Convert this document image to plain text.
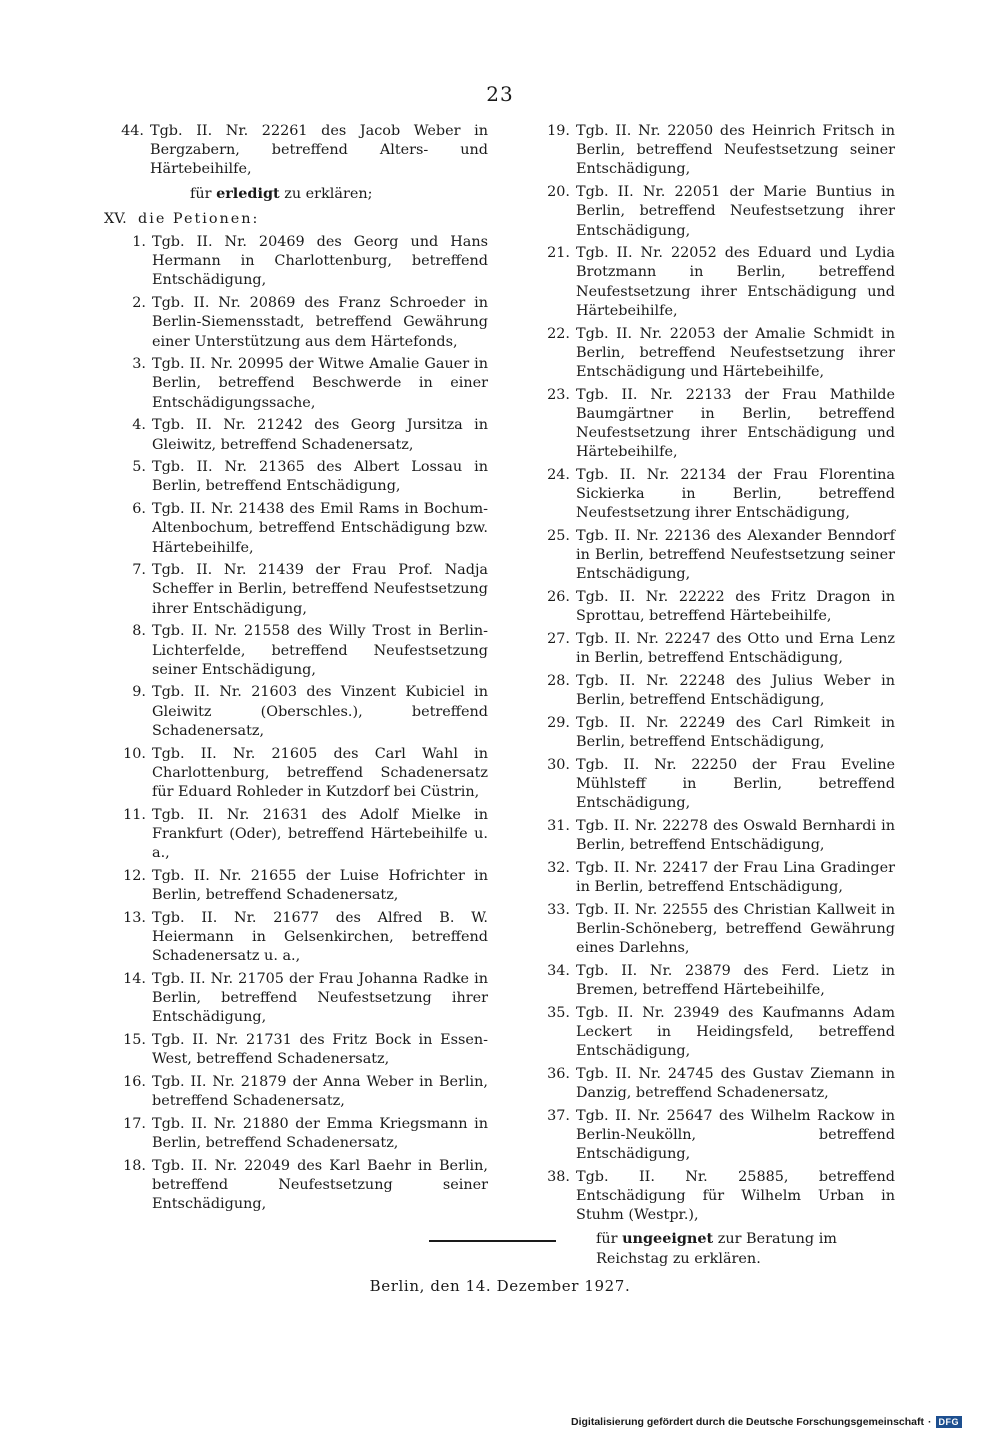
23
44. Tgb. II. Nr. 22261 des Jacob Weber in Bergzabern, betreffend Alters- und Härtebeihilfe,
für erledigt zu erklären;
XV. die Petionen:
1. Tgb. II. Nr. 20469 des Georg und Hans Hermann in Charlottenburg, betreffend Entschädigung,
2. Tgb. II. Nr. 20869 des Franz Schroeder in Berlin-Siemensstadt, betreffend Gewährung einer Unterstützung aus dem Härtefonds,
3. Tgb. II. Nr. 20995 der Witwe Amalie Gauer in Berlin, betreffend Beschwerde in einer Entschädigungssache,
4. Tgb. II. Nr. 21242 des Georg Jursitza in Gleiwitz, betreffend Schadenersatz,
5. Tgb. II. Nr. 21365 des Albert Lossau in Berlin, betreffend Entschädigung,
6. Tgb. II. Nr. 21438 des Emil Rams in Bochum-Altenbochum, betreffend Entschädigung bzw. Härtebeihilfe,
7. Tgb. II. Nr. 21439 der Frau Prof. Nadja Scheffer in Berlin, betreffend Neufestsetzung ihrer Entschädigung,
8. Tgb. II. Nr. 21558 des Willy Trost in Berlin-Lichterfelde, betreffend Neufestsetzung seiner Entschädigung,
9. Tgb. II. Nr. 21603 des Vinzent Kubiciel in Gleiwitz (Oberschles.), betreffend Schadenersatz,
10. Tgb. II. Nr. 21605 des Carl Wahl in Charlottenburg, betreffend Schadenersatz für Eduard Rohleder in Kutzdorf bei Cüstrin,
11. Tgb. II. Nr. 21631 des Adolf Mielke in Frankfurt (Oder), betreffend Härtebeihilfe u. a.,
12. Tgb. II. Nr. 21655 der Luise Hofrichter in Berlin, betreffend Schadenersatz,
13. Tgb. II. Nr. 21677 des Alfred B. W. Heiermann in Gelsenkirchen, betreffend Schadenersatz u. a.,
14. Tgb. II. Nr. 21705 der Frau Johanna Radke in Berlin, betreffend Neufestsetzung ihrer Entschädigung,
15. Tgb. II. Nr. 21731 des Fritz Bock in Essen-West, betreffend Schadenersatz,
16. Tgb. II. Nr. 21879 der Anna Weber in Berlin, betreffend Schadenersatz,
17. Tgb. II. Nr. 21880 der Emma Kriegsmann in Berlin, betreffend Schadenersatz,
18. Tgb. II. Nr. 22049 des Karl Baehr in Berlin, betreffend Neufestsetzung seiner Entschädigung,
19. Tgb. II. Nr. 22050 des Heinrich Fritsch in Berlin, betreffend Neufestsetzung seiner Entschädigung,
20. Tgb. II. Nr. 22051 der Marie Buntius in Berlin, betreffend Neufestsetzung ihrer Entschädigung,
21. Tgb. II. Nr. 22052 des Eduard und Lydia Brotzmann in Berlin, betreffend Neufestsetzung ihrer Entschädigung und Härtebeihilfe,
22. Tgb. II. Nr. 22053 der Amalie Schmidt in Berlin, betreffend Neufestsetzung ihrer Entschädigung und Härtebeihilfe,
23. Tgb. II. Nr. 22133 der Frau Mathilde Baumgärtner in Berlin, betreffend Neufestsetzung ihrer Entschädigung und Härtebeihilfe,
24. Tgb. II. Nr. 22134 der Frau Florentina Sickierka in Berlin, betreffend Neufestsetzung ihrer Entschädigung,
25. Tgb. II. Nr. 22136 des Alexander Benndorf in Berlin, betreffend Neufestsetzung seiner Entschädigung,
26. Tgb. II. Nr. 22222 des Fritz Dragon in Sprottau, betreffend Härtebeihilfe,
27. Tgb. II. Nr. 22247 des Otto und Erna Lenz in Berlin, betreffend Entschädigung,
28. Tgb. II. Nr. 22248 des Julius Weber in Berlin, betreffend Entschädigung,
29. Tgb. II. Nr. 22249 des Carl Rimkeit in Berlin, betreffend Entschädigung,
30. Tgb. II. Nr. 22250 der Frau Eveline Mühlsteff in Berlin, betreffend Entschädigung,
31. Tgb. II. Nr. 22278 des Oswald Bernhardi in Berlin, betreffend Entschädigung,
32. Tgb. II. Nr. 22417 der Frau Lina Gradinger in Berlin, betreffend Entschädigung,
33. Tgb. II. Nr. 22555 des Christian Kallweit in Berlin-Schöneberg, betreffend Gewährung eines Darlehns,
34. Tgb. II. Nr. 23879 des Ferd. Lietz in Bremen, betreffend Härtebeihilfe,
35. Tgb. II. Nr. 23949 des Kaufmanns Adam Leckert in Heidingsfeld, betreffend Entschädigung,
36. Tgb. II. Nr. 24745 des Gustav Ziemann in Danzig, betreffend Schadenersatz,
37. Tgb. II. Nr. 25647 des Wilhelm Rackow in Berlin-Neukölln, betreffend Entschädigung,
38. Tgb. II. Nr. 25885, betreffend Entschädigung für Wilhelm Urban in Stuhm (Westpr.),
für ungeeignet zur Beratung im Reichstag zu erklären.
Berlin, den 14. Dezember 1927.
Digitalisierung gefördert durch die Deutsche Forschungsgemeinschaft · DFG
